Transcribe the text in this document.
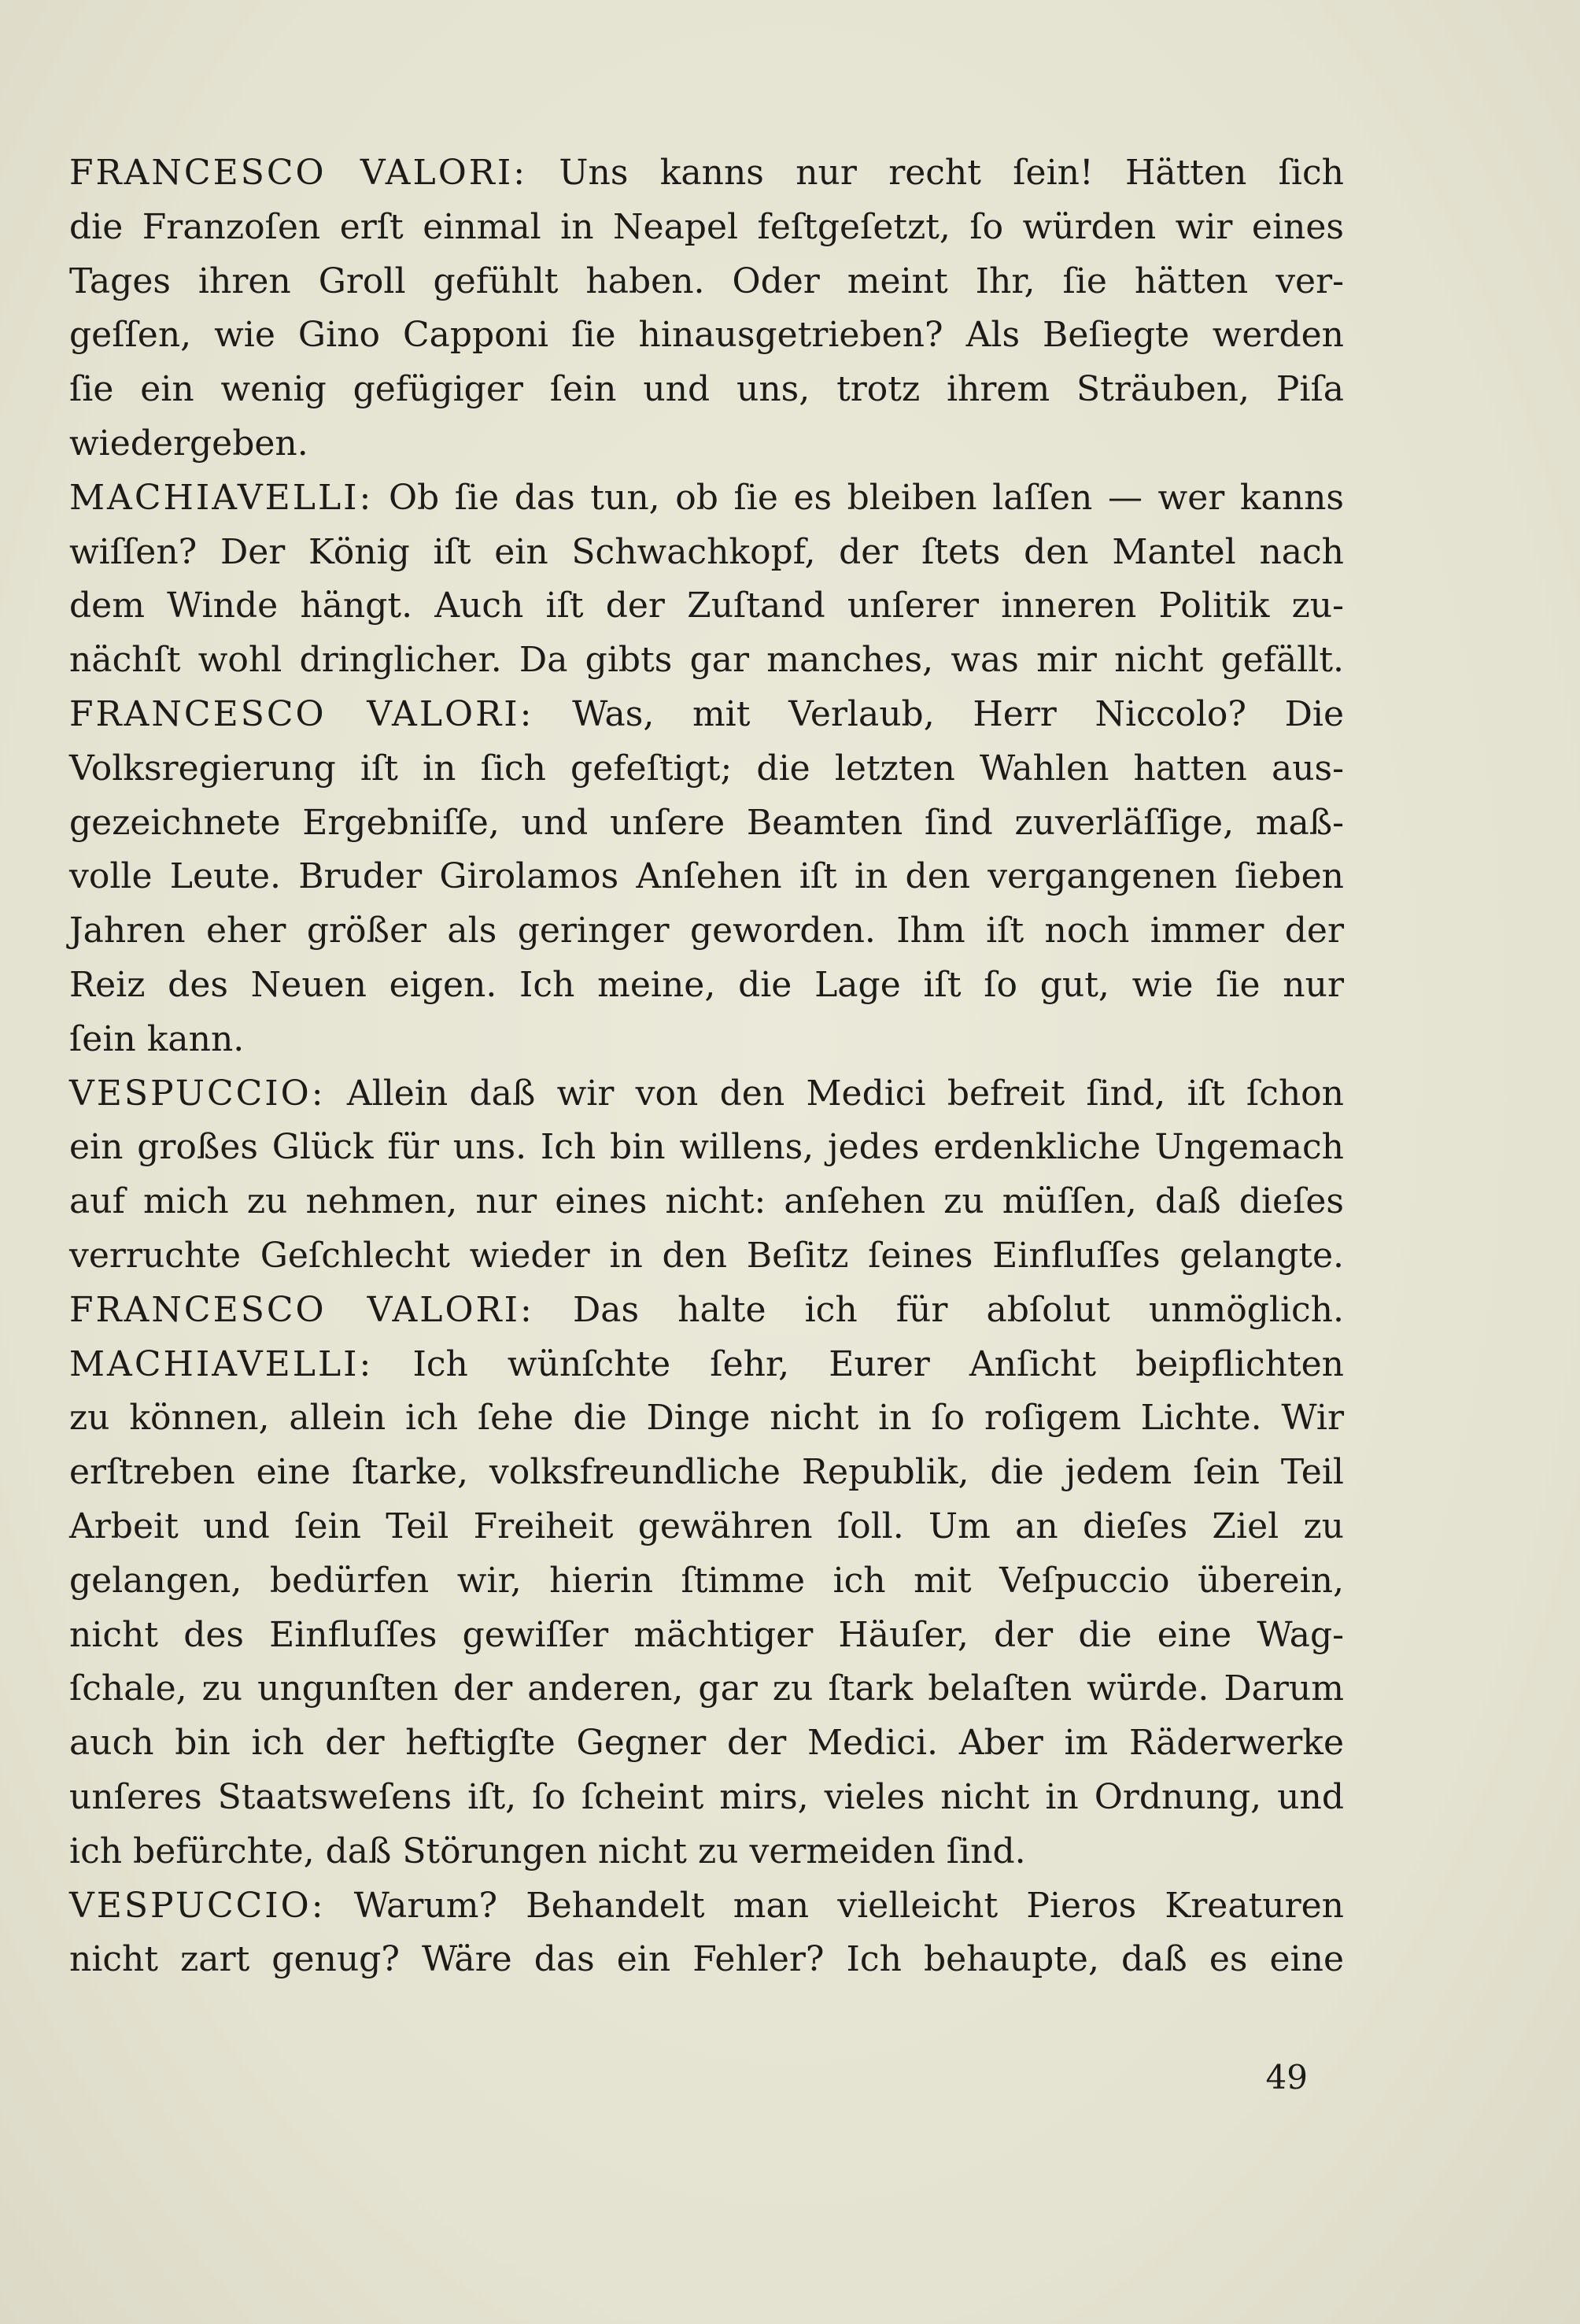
FRANCESCO VALORI: Uns kanns nur recht ſein! Hätten ſich
die Franzoſen erſt einmal in Neapel feſtgeſetzt, ſo würden wir eines
Tages ihren Groll gefühlt haben. Oder meint Ihr, ſie hätten ver-
geſſen, wie Gino Capponi ſie hinausgetrieben? Als Beſiegte werden
ſie ein wenig gefügiger ſein und uns, trotz ihrem Sträuben, Piſa
wiedergeben.
MACHIAVELLI: Ob ſie das tun, ob ſie es bleiben laſſen — wer kanns
wiſſen? Der König iſt ein Schwachkopf, der ſtets den Mantel nach
dem Winde hängt. Auch iſt der Zuſtand unſerer inneren Politik zu-
nächſt wohl dringlicher. Da gibts gar manches, was mir nicht gefällt.
FRANCESCO VALORI: Was, mit Verlaub, Herr Niccolo? Die
Volksregierung iſt in ſich gefeſtigt; die letzten Wahlen hatten aus-
gezeichnete Ergebniſſe, und unſere Beamten ſind zuverläſſige, maß-
volle Leute. Bruder Girolamos Anſehen iſt in den vergangenen ſieben
Jahren eher größer als geringer geworden. Ihm iſt noch immer der
Reiz des Neuen eigen. Ich meine, die Lage iſt ſo gut, wie ſie nur
ſein kann.
VESPUCCIO: Allein daß wir von den Medici befreit ſind, iſt ſchon
ein großes Glück für uns. Ich bin willens, jedes erdenkliche Ungemach
auf mich zu nehmen, nur eines nicht: anſehen zu müſſen, daß dieſes
verruchte Geſchlecht wieder in den Beſitz ſeines Einfluſſes gelangte.
FRANCESCO VALORI: Das halte ich für abſolut unmöglich.
MACHIAVELLI: Ich wünſchte ſehr, Eurer Anſicht beipflichten
zu können, allein ich ſehe die Dinge nicht in ſo roſigem Lichte. Wir
erſtreben eine ſtarke, volksfreundliche Republik, die jedem ſein Teil
Arbeit und ſein Teil Freiheit gewähren ſoll. Um an dieſes Ziel zu
gelangen, bedürfen wir, hierin ſtimme ich mit Veſpuccio überein,
nicht des Einfluſſes gewiſſer mächtiger Häuſer, der die eine Wag-
ſchale, zu ungunſten der anderen, gar zu ſtark belaſten würde. Darum
auch bin ich der heftigſte Gegner der Medici. Aber im Räderwerke
unſeres Staatsweſens iſt, ſo ſcheint mirs, vieles nicht in Ordnung, und
ich befürchte, daß Störungen nicht zu vermeiden ſind.
VESPUCCIO: Warum? Behandelt man vielleicht Pieros Kreaturen
nicht zart genug? Wäre das ein Fehler? Ich behaupte, daß es eine
49
